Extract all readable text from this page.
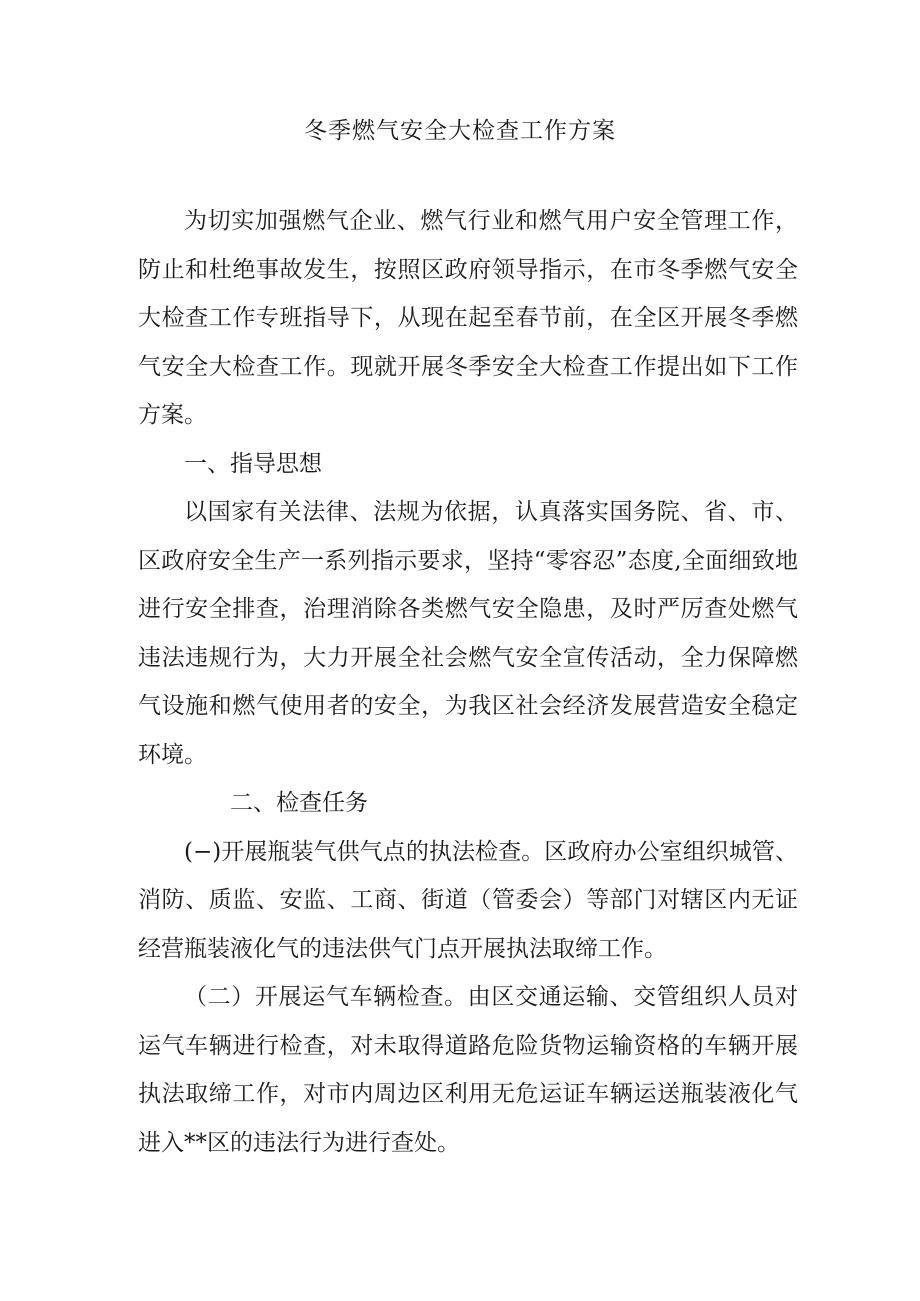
冬季燃气安全大检查工作方案

为切实加强燃气企业、燃气行业和燃气用户安全管理工作，防止和杜绝事故发生，按照区政府领导指示，在市冬季燃气安全大检查工作专班指导下，从现在起至春节前，在全区开展冬季燃气安全大检查工作。现就开展冬季安全大检查工作提出如下工作方案。

一、指导思想

以国家有关法律、法规为依据，认真落实国务院、省、市、区政府安全生产一系列指示要求，坚持“零容忍”态度,全面细致地进行安全排查，治理消除各类燃气安全隐患，及时严厉查处燃气违法违规行为，大力开展全社会燃气安全宣传活动，全力保障燃气设施和燃气使用者的安全，为我区社会经济发展营造安全稳定环境。

二、检查任务

(−)开展瓶装气供气点的执法检查。区政府办公室组织城管、消防、质监、安监、工商、街道（管委会）等部门对辖区内无证经营瓶装液化气的违法供气门点开展执法取缔工作。

（二）开展运气车辆检查。由区交通运输、交管组织人员对运气车辆进行检查，对未取得道路危险货物运输资格的车辆开展执法取缔工作，对市内周边区利用无危运证车辆运送瓶装液化气进入**区的违法行为进行查处。
